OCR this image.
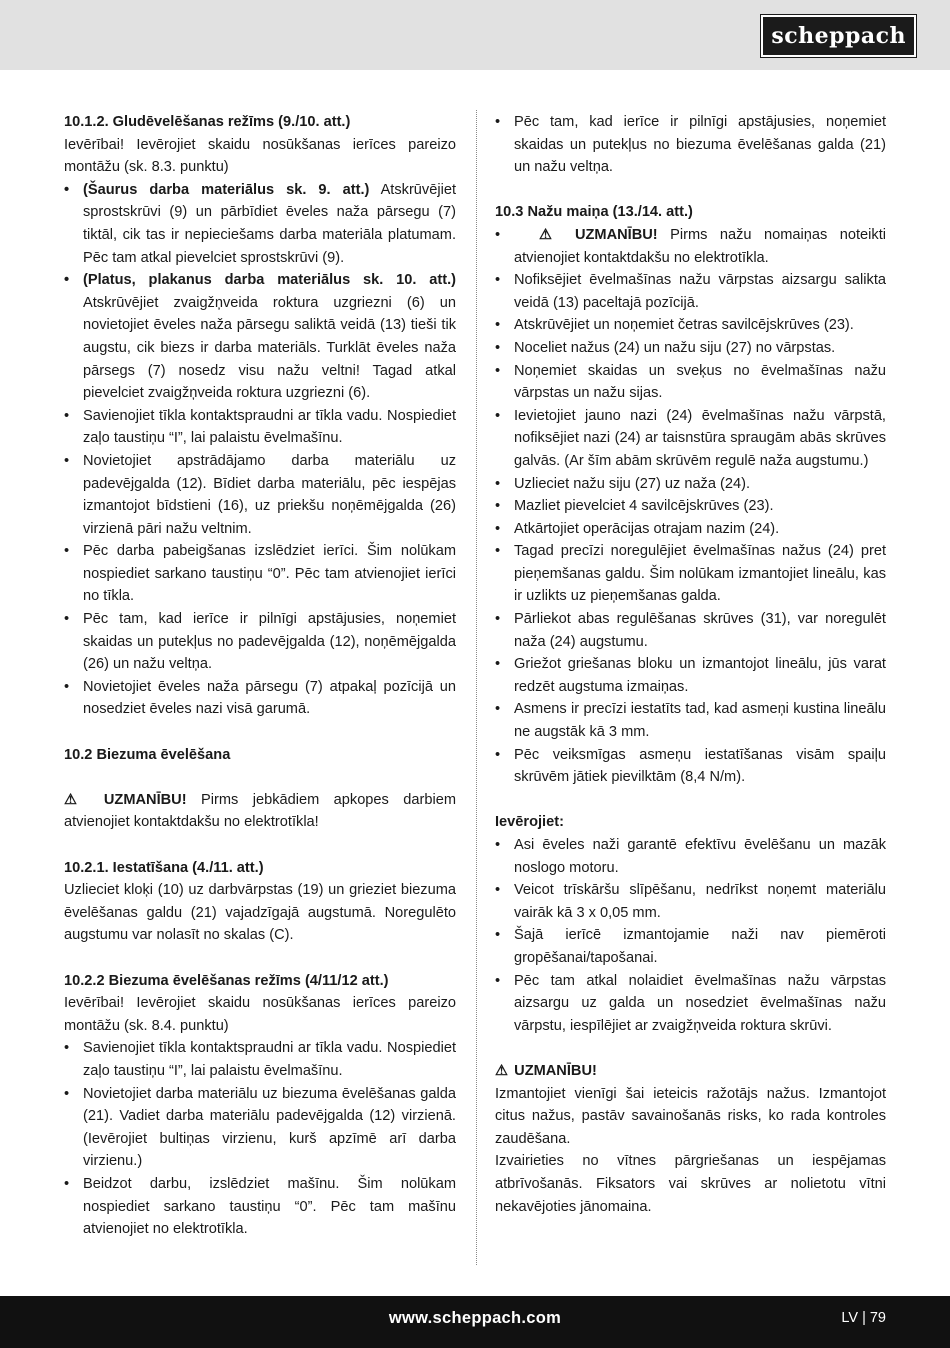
scheppach

10.1.2. Gludēvelēšanas režīms (9./10. att.)

Ievērībai! Ievērojiet skaidu nosūkšanas ierīces pareizo montāžu (sk. 8.3. punktu)

• (Šaurus darba materiālus sk. 9. att.) Atskrūvējiet sprostskrūvi (9) un pārbīdiet ēveles naža pārsegu (7) tiktāl, cik tas ir nepieciešams darba materiāla platumam. Pēc tam atkal pievelciet sprostskrūvi (9).
• (Platus, plakanus darba materiālus sk. 10. att.) Atskrūvējiet zvaigžņveida roktura uzgriezni (6) un novietojiet ēveles naža pārsegu saliktā veidā (13) tieši tik augstu, cik biezs ir darba materiāls. Turklāt ēveles naža pārsegs (7) nosedz visu nažu veltni! Tagad atkal pievelciet zvaigžņveida roktura uzgriezni (6).
• Savienojiet tīkla kontaktspraudni ar tīkla vadu. Nospiediet zaļo taustiņu “I”, lai palaistu ēvelmašīnu.
• Novietojiet apstrādājamo darba materiālu uz padevējgalda (12). Bīdiet darba materiālu, pēc iespējas izmantojot bīdstieni (16), uz priekšu noņēmējgalda (26) virzienā pāri nažu veltnim.
• Pēc darba pabeigšanas izslēdziet ierīci. Šim nolūkam nospiediet sarkano taustiņu “0”. Pēc tam atvienojiet ierīci no tīkla.
• Pēc tam, kad ierīce ir pilnīgi apstājusies, noņemiet skaidas un putekļus no padevējgalda (12), noņēmējgalda (26) un nažu veltņa.
• Novietojiet ēveles naža pārsegu (7) atpakaļ pozīcijā un nosedziet ēveles nazi visā garumā.

10.2 Biezuma ēvelēšana

⚠ UZMANĪBU! Pirms jebkādiem apkopes darbiem atvienojiet kontaktdakšu no elektrotīkla!

10.2.1. Iestatīšana (4./11. att.)

Uzlieciet kloķi (10) uz darbvārpstas (19) un grieziet biezuma ēvelēšanas galdu (21) vajadzīgajā augstumā. Noregulēto augstumu var nolasīt no skalas (C).

10.2.2 Biezuma ēvelēšanas režīms (4/11/12 att.)

Ievērībai! Ievērojiet skaidu nosūkšanas ierīces pareizo montāžu (sk. 8.4. punktu)

• Savienojiet tīkla kontaktspraudni ar tīkla vadu. Nospiediet zaļo taustiņu “I”, lai palaistu ēvelmašīnu.
• Novietojiet darba materiālu uz biezuma ēvelēšanas galda (21). Vadiet darba materiālu padevējgalda (12) virzienā. (Ievērojiet bultiņas virzienu, kurš apzīmē arī darba virzienu.)
• Beidzot darbu, izslēdziet mašīnu. Šim nolūkam nospiediet sarkano taustiņu “0”. Pēc tam mašīnu atvienojiet no elektrotīkla.
• Pēc tam, kad ierīce ir pilnīgi apstājusies, noņemiet skaidas un putekļus no biezuma ēvelēšanas galda (21) un nažu veltņa.

10.3 Nažu maiņa (13./14. att.)

•   ⚠ UZMANĪBU! Pirms nažu nomaiņas noteikti atvienojiet kontaktdakšu no elektrotīkla.
• Nofiksējiet ēvelmašīnas nažu vārpstas aizsargu salikta veidā (13) paceltajā pozīcijā.
• Atskrūvējiet un noņemiet četras savilcējskrūves (23).
• Noceliet nažus (24) un nažu siju (27) no vārpstas.
• Noņemiet skaidas un sveķus no ēvelmašīnas nažu vārpstas un nažu sijas.
• Ievietojiet jauno nazi (24) ēvelmašīnas nažu vārpstā, nofiksējiet nazi (24) ar taisnstūra spraugām abās skrūves galvās. (Ar šīm abām skrūvēm regulē naža augstumu.)
• Uzlieciet nažu siju (27) uz naža (24).
• Mazliet pievelciet 4 savilcējskrūves (23).
• Atkārtojiet operācijas otrajam nazim (24).
• Tagad precīzi noregulējiet ēvelmašīnas nažus (24) pret pieņemšanas galdu. Šim nolūkam izmantojiet lineālu, kas ir uzlikts uz pieņemšanas galda.
• Pārliekot abas regulēšanas skrūves (31), var noregulēt naža (24) augstumu.
• Griežot griešanas bloku un izmantojot lineālu, jūs varat redzēt augstuma izmaiņas.
• Asmens ir precīzi iestatīts tad, kad asmeņi kustina lineālu ne augstāk kā 3 mm.
• Pēc veiksmīgas asmeņu iestatīšanas visām spaiļu skrūvēm jātiek pievilktām (8,4 N/m).

Ievērojiet:

• Asi ēveles naži garantē efektīvu ēvelēšanu un mazāk noslogo motoru.
• Veicot trīskāršu slīpēšanu, nedrīkst noņemt materiālu vairāk kā 3 x 0,05 mm.
• Šajā ierīcē izmantojamie naži nav piemēroti gropēšanai/tapošanai.
• Pēc tam atkal nolaidiet ēvelmašīnas nažu vārpstas aizsargu uz galda un nosedziet ēvelmašīnas nažu vārpstu, iespīlējiet ar zvaigžņveida roktura skrūvi.

⚠ UZMANĪBU!

Izmantojiet vienīgi šai ieteicis ražotājs nažus. Izmantojot citus nažus, pastāv savainošanās risks, ko rada kontroles zaudēšana.

Izvairieties no vītnes pārgriešanas un iespējamas atbrīvošanās. Fiksators vai skrūves ar nolietotu vītni nekavējoties jānomaina.

www.scheppach.com	LV | 79
